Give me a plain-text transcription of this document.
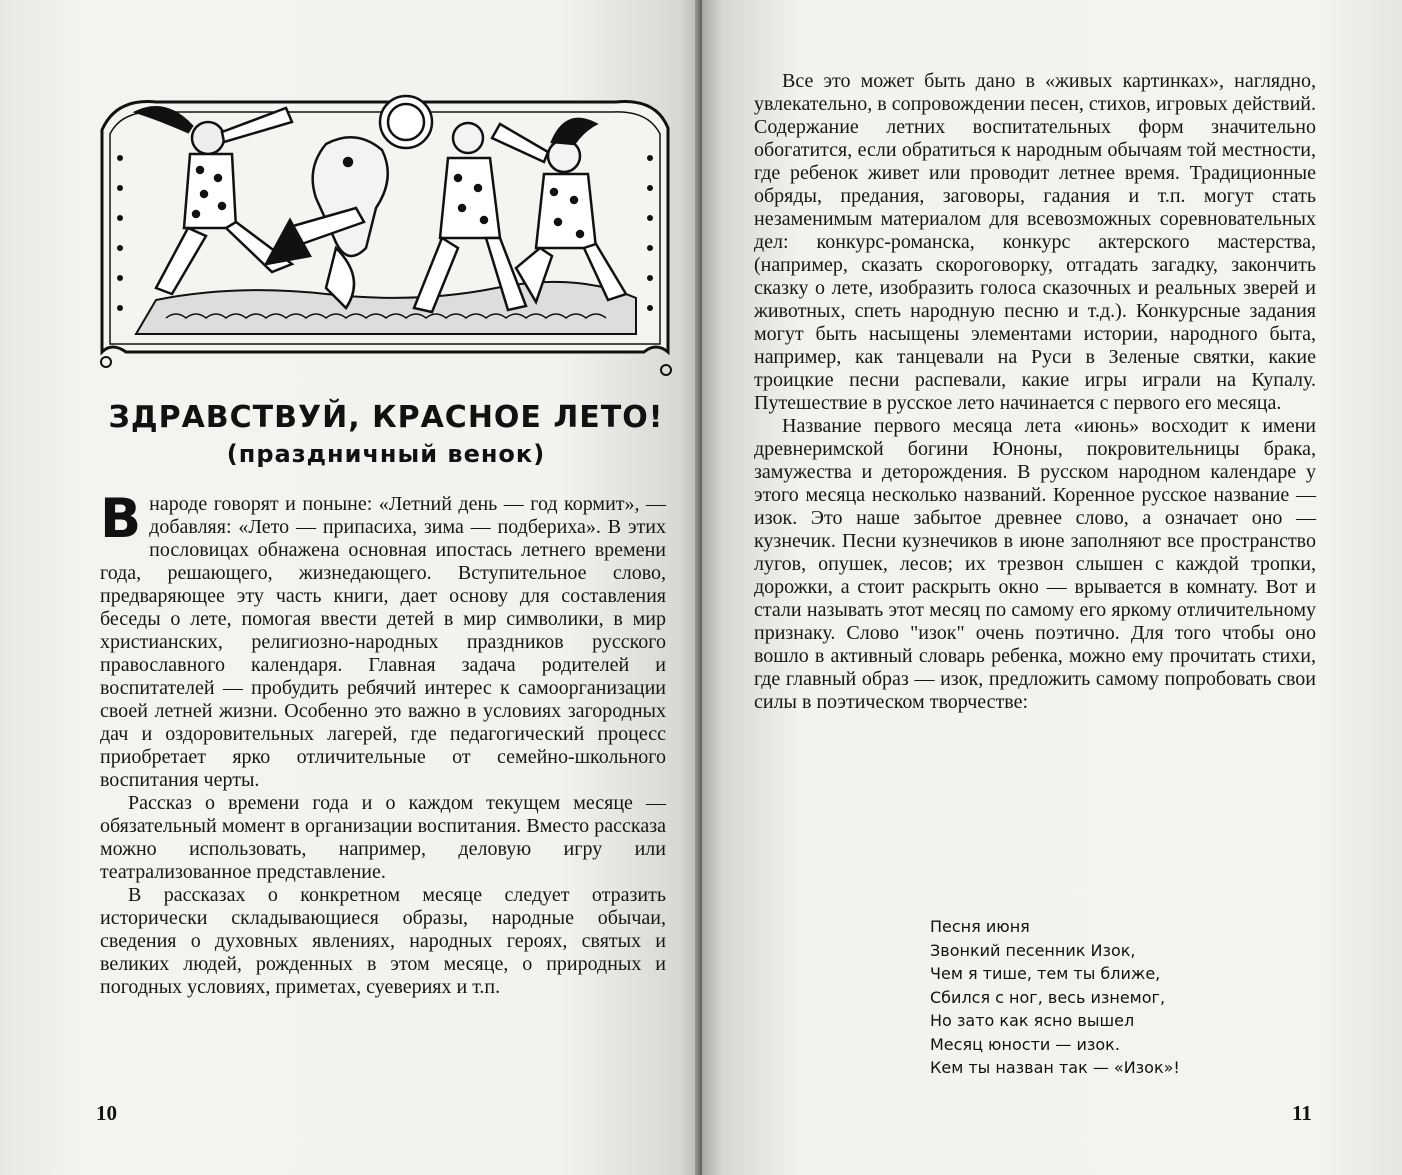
ЗДРАВСТВУЙ, КРАСНОЕ ЛЕТО!
(праздничный венок)

В народе говорят и поныне: «Летний день — год кормит», — добавляя: «Лето — припасиха, зима — подбериха». В этих пословицах обнажена основная ипостась летнего времени года, решающего, жизнедающего. Вступительное слово, предваряющее эту часть книги, дает основу для составления беседы о лете, помогая ввести детей в мир символики, в мир христианских, религиозно-народных праздников русского православного календаря. Главная задача родителей и воспитателей — пробудить ребячий интерес к самоорганизации своей летней жизни. Особенно это важно в условиях загородных дач и оздоровительных лагерей, где педагогический процесс приобретает ярко отличительные от семейно-школьного воспитания черты.

Рассказ о времени года и о каждом текущем месяце — обязательный момент в организации воспитания. Вместо рассказа можно использовать, например, деловую игру или театрализованное представление.

В рассказах о конкретном месяце следует отразить исторически складывающиеся образы, народные обычаи, сведения о духовных явлениях, народных героях, святых и великих людей, рожденных в этом месяце, о природных и погодных условиях, приметах, суевериях и т.п.

10

Все это может быть дано в «живых картинках», наглядно, увлекательно, в сопровождении песен, стихов, игровых действий. Содержание летних воспитательных форм значительно обогатится, если обратиться к народным обычаям той местности, где ребенок живет или проводит летнее время. Традиционные обряды, предания, заговоры, гадания и т.п. могут стать незаменимым материалом для всевозможных соревновательных дел: конкурс-романска, конкурс актерского мастерства, (например, сказать скороговорку, отгадать загадку, закончить сказку о лете, изобразить голоса сказочных и реальных зверей и животных, спеть народную песню и т.д.). Конкурсные задания могут быть насыщены элементами истории, народного быта, например, как танцевали на Руси в Зеленые святки, какие троицкие песни распевали, какие игры играли на Купалу. Путешествие в русское лето начинается с первого его месяца.

Название первого месяца лета «июнь» восходит к имени древнеримской богини Юноны, покровительницы брака, замужества и деторождения. В русском народном календаре у этого месяца несколько названий. Коренное русское название — изок. Это наше забытое древнее слово, а означает оно — кузнечик. Песни кузнечиков в июне заполняют все пространство лугов, опушек, лесов; их трезвон слышен с каждой тропки, дорожки, а стоит раскрыть окно — врывается в комнату. Вот и стали называть этот месяц по самому его яркому отличительному признаку. Слово "изок" очень поэтично. Для того чтобы оно вошло в активный словарь ребенка, можно ему прочитать стихи, где главный образ — изок, предложить самому попробовать свои силы в поэтическом творчестве:

Песня июня
Звонкий песенник Изок,
Чем я тише, тем ты ближе,
Сбился с ног, весь изнемог,
Но зато как ясно вышел
Месяц юности — изок.
Кем ты назван так — «Изок»!
11
